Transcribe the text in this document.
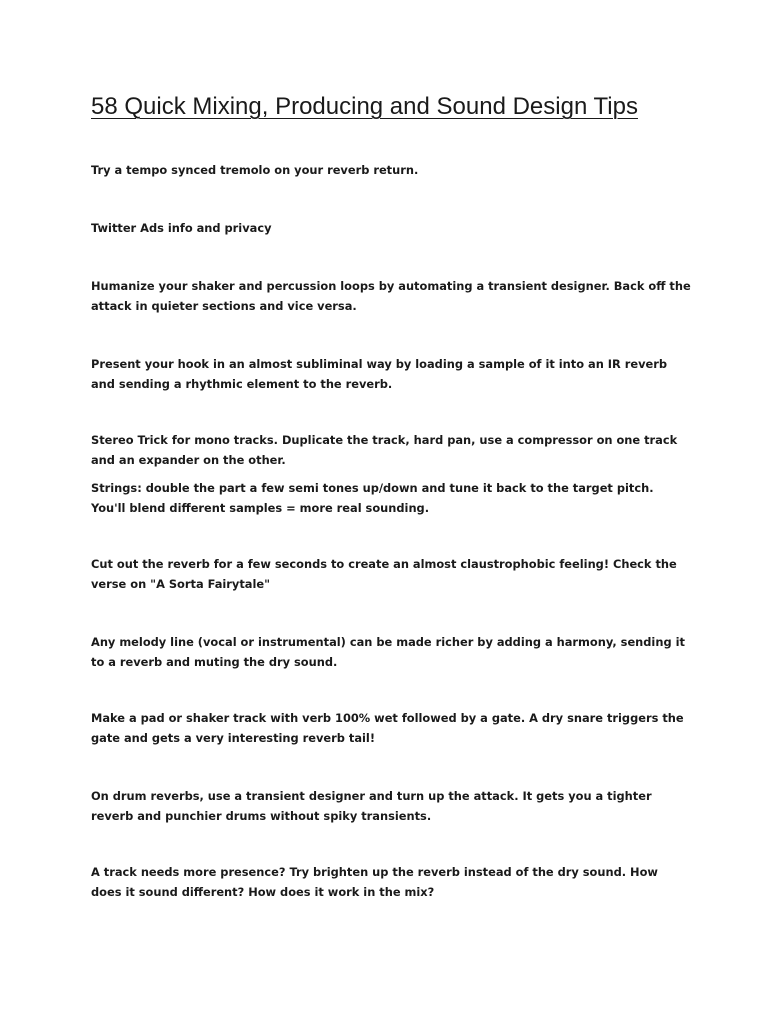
58 Quick Mixing, Producing and Sound Design Tips

Try a tempo synced tremolo on your reverb return.

Twitter Ads info and privacy

Humanize your shaker and percussion loops by automating a transient designer. Back off the attack in quieter sections and vice versa.

Present your hook in an almost subliminal way by loading a sample of it into an IR reverb and sending a rhythmic element to the reverb.

Stereo Trick for mono tracks. Duplicate the track, hard pan, use a compressor on one track and an expander on the other.

Strings: double the part a few semi tones up/down and tune it back to the target pitch. You'll blend different samples = more real sounding.

Cut out the reverb for a few seconds to create an almost claustrophobic feeling! Check the verse on "A Sorta Fairytale"

Any melody line (vocal or instrumental) can be made richer by adding a harmony, sending it to a reverb and muting the dry sound.

Make a pad or shaker track with verb 100% wet followed by a gate. A dry snare triggers the gate and gets a very interesting reverb tail!

On drum reverbs, use a transient designer and turn up the attack. It gets you a tighter reverb and punchier drums without spiky transients.

A track needs more presence? Try brighten up the reverb instead of the dry sound. How does it sound different? How does it work in the mix?
